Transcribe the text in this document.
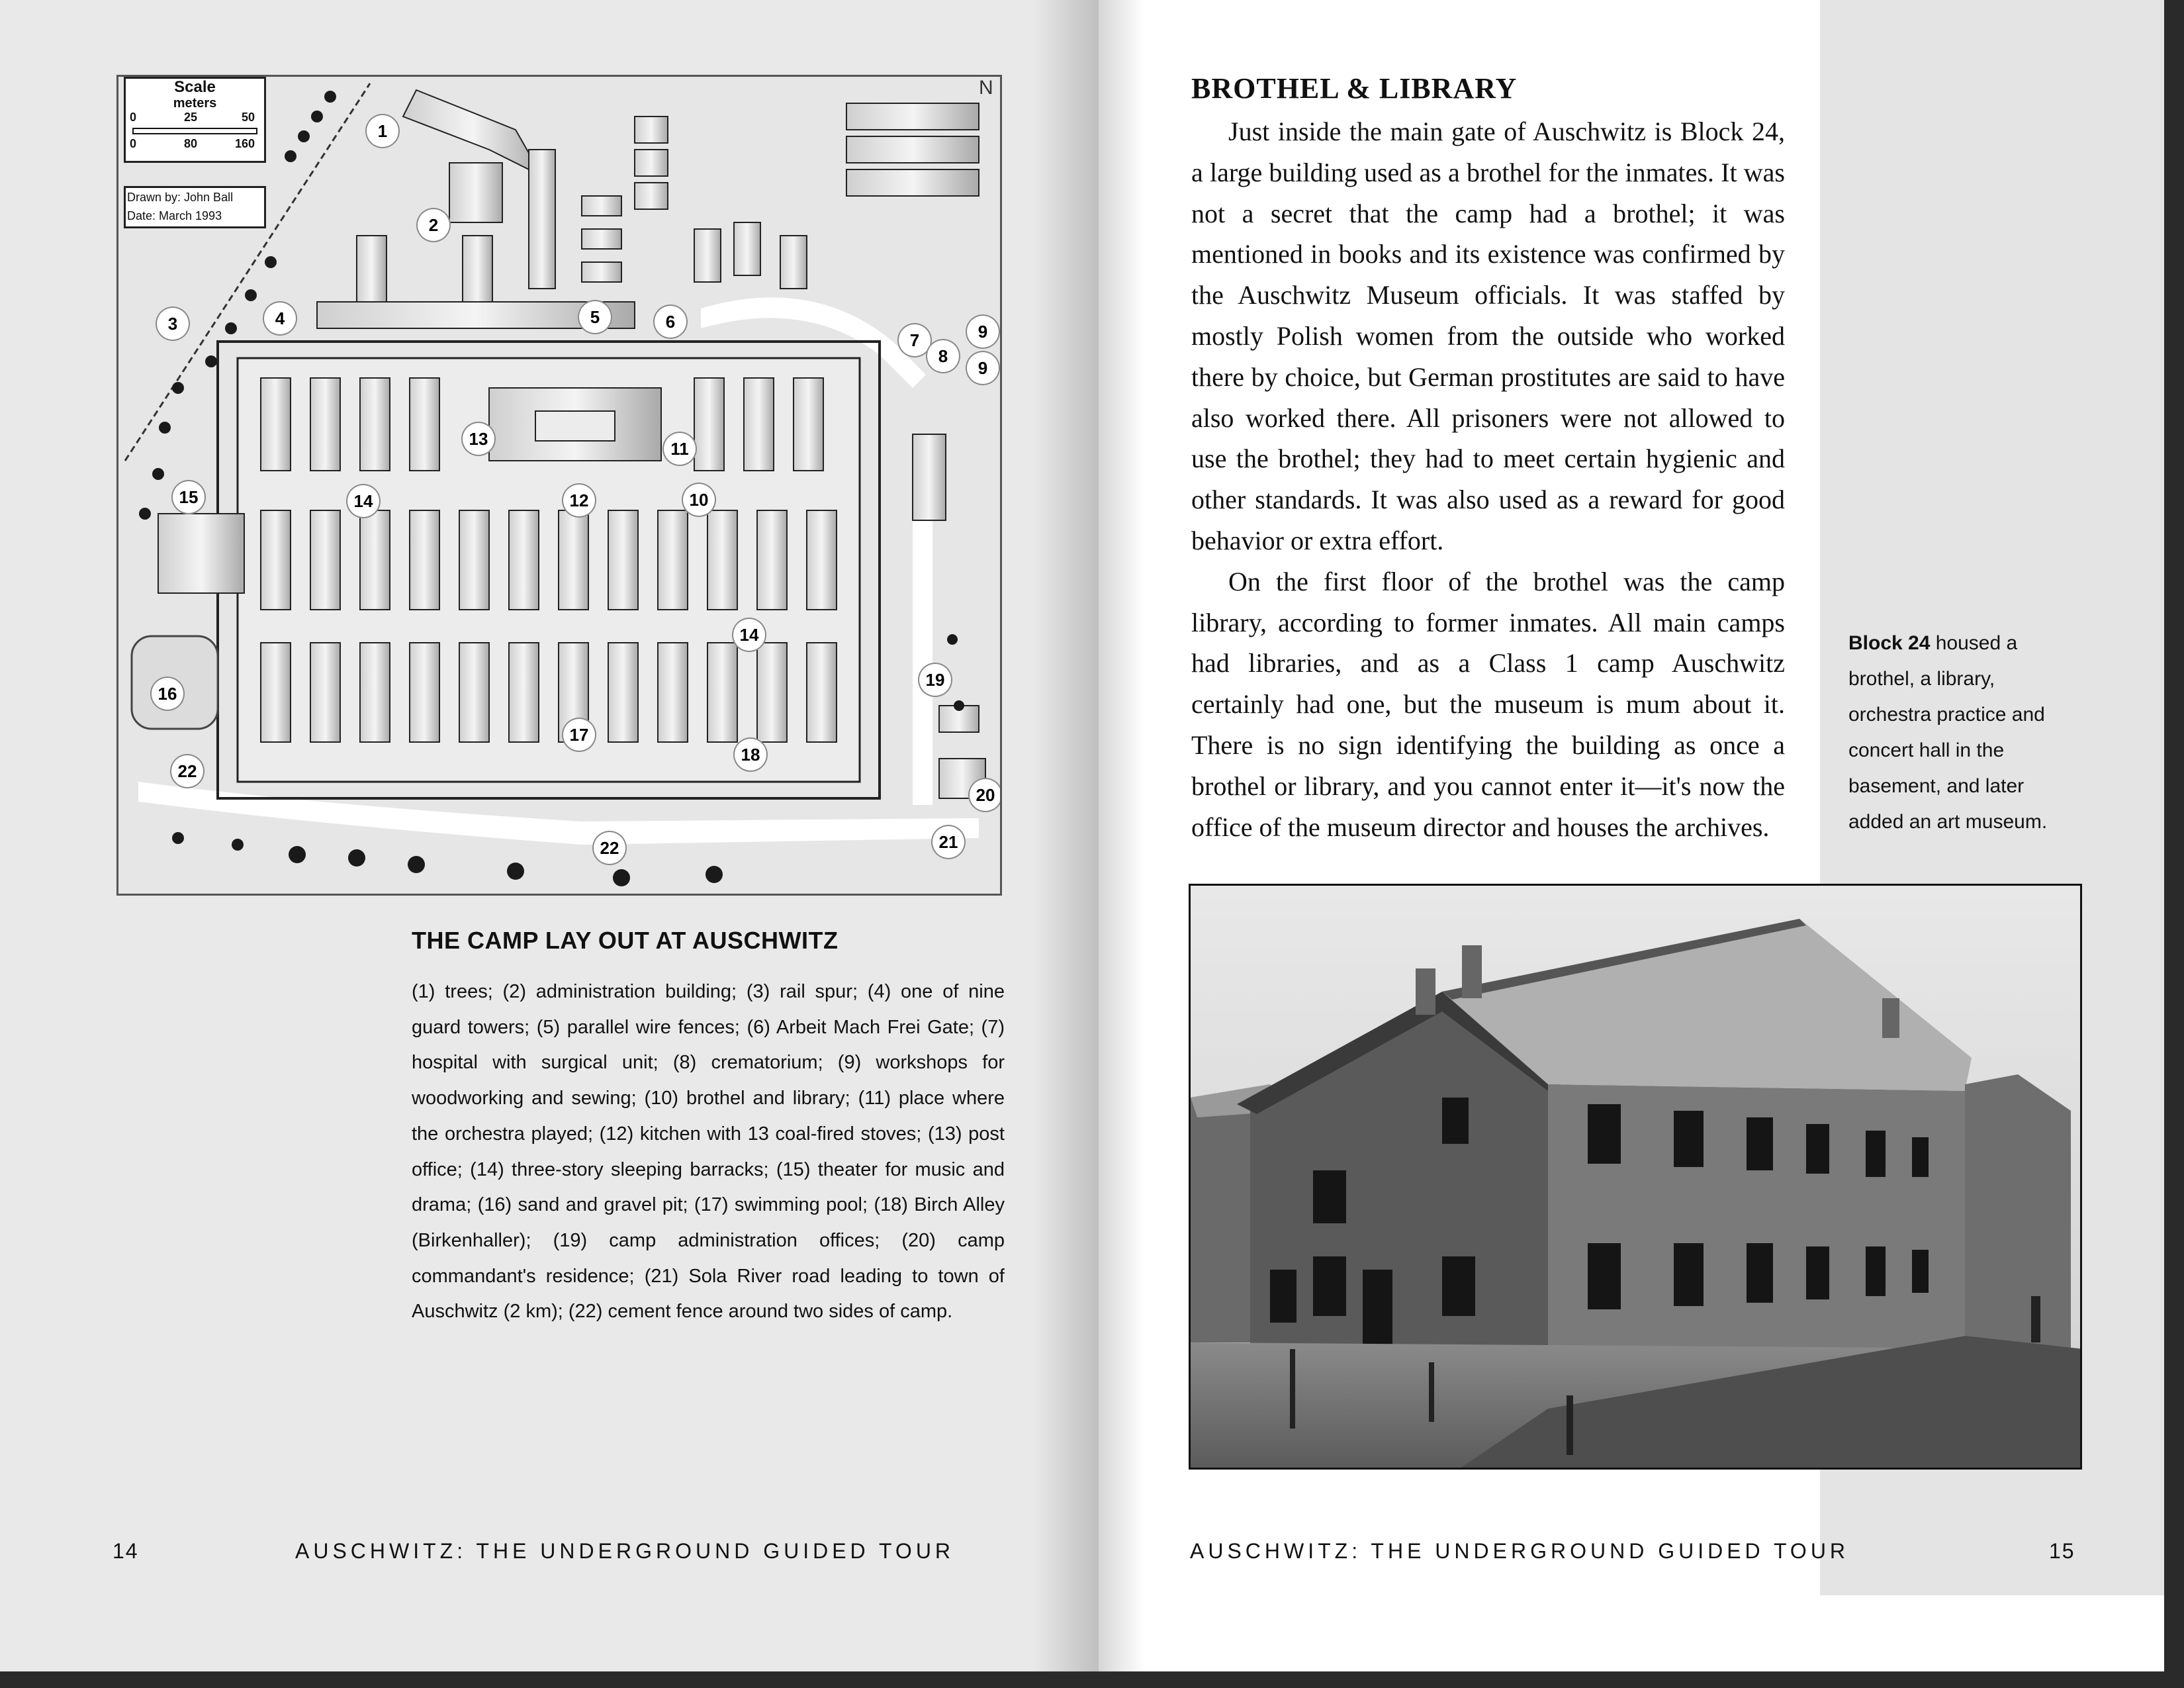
Scale
meters
0	25	50
0	80	160
Drawn by: John Ball
Date: March 1993
N
1
2
3	4	5	6
7
8
9
9
11
12	10
13
14
14
15
16
17
18
19
20
21
22
22
THE CAMP LAY OUT AT AUSCHWITZ
(1) trees; (2) administration building; (3) rail spur; (4) one of nine guard towers; (5) parallel wire fences; (6) Arbeit Mach Frei Gate; (7) hospital with surgical unit; (8) crematorium; (9) workshops for woodworking and sewing; (10) brothel and library; (11) place where the orchestra played; (12) kitchen with 13 coal-fired stoves; (13) post office; (14) three-story sleeping barracks; (15) theater for music and drama; (16) sand and gravel pit; (17) swimming pool; (18) Birch Alley (Birkenhaller); (19) camp administration offices; (20) camp commandant's residence; (21) Sola River road leading to town of Auschwitz (2 km); (22) cement fence around two sides of camp.
14	AUSCHWITZ: THE UNDERGROUND GUIDED TOUR
BROTHEL & LIBRARY

Just inside the main gate of Auschwitz is Block 24, a large building used as a brothel for the inmates. It was not a secret that the camp had a brothel; it was mentioned in books and its existence was confirmed by the Auschwitz Museum officials. It was staffed by mostly Polish women from the outside who worked there by choice, but German prostitutes are said to have also worked there. All prisoners were not allowed to use the brothel; they had to meet certain hygienic and other standards. It was also used as a reward for good behavior or extra effort.

On the first floor of the brothel was the camp library, according to former inmates. All main camps had libraries, and as a Class 1 camp Auschwitz certainly had one, but the museum is mum about it. There is no sign identifying the building as once a brothel or library, and you cannot enter it—it's now the office of the museum director and houses the archives.

Block 24 housed a brothel, a library, orchestra practice and concert hall in the basement, and later added an art museum.
AUSCHWITZ: THE UNDERGROUND GUIDED TOUR	15
